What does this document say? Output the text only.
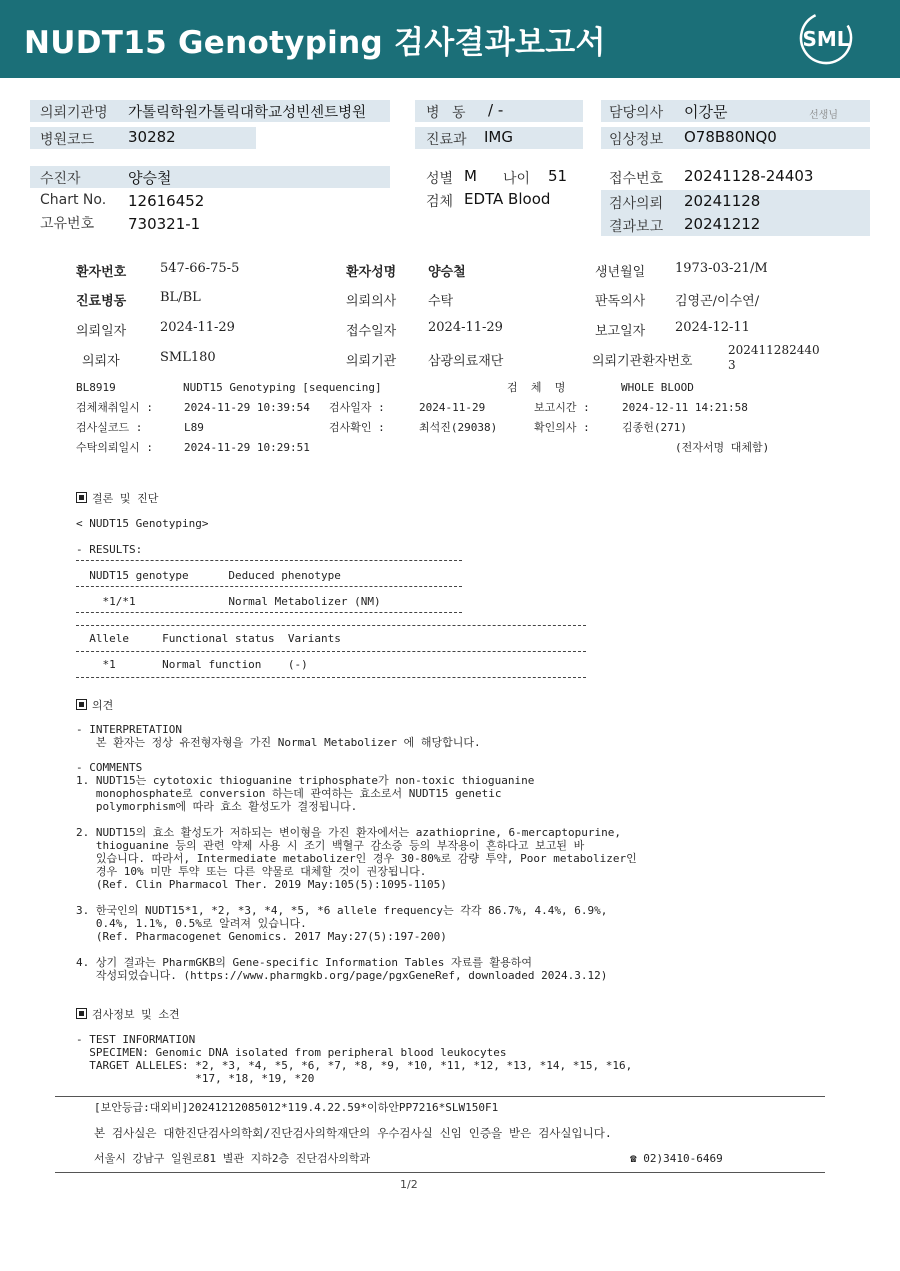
NUDT15 Genotyping 검사결과보고서	SML
의뢰기관명 가톨릭학원가톨릭대학교성빈센트병원
병원코드 30282
병 동 / -
진료과 IMG
담당의사 이강문	선생님
임상정보 O78B80NQ0
수진자	양승철
Chart No. 12616452
고유번호 730321-1
성별 M 나이 51
검체 EDTA Blood
접수번호 20241128-24403
검사의뢰 20241128
결과보고 20241212
환자번호	547-66-75-5	환자성명 양승철	생년월일 1973-03-21/M
진료병동	BL/BL	의뢰의사 수탁	판독의사 김영곤/이수연/
의뢰일자	2024-11-29	접수일자 2024-11-29	보고일자 2024-12-11
의뢰자	SML180	의뢰기관 삼광의료재단	의뢰기관환자번호
202411282440
3
BL8919	NUDT15 Genotyping [sequencing]	검  체  명	WHOLE BLOOD
검체채취일시 :	2024-11-29 10:39:54 검사일자 :	2024-11-29	보고시간 :	2024-12-11 14:21:58
검사실코드 :	L89	검사확인 :	최석진(29038)	확인의사 :	김종헌(271)
수탁의뢰일시 :	2024-11-29 10:29:51	(전자서명 대체함)
결론 및 진단
< NUDT15 Genotyping>
- RESULTS:
NUDT15 genotype      Deduced phenotype
*1/*1              Normal Metabolizer (NM)
Allele     Functional status  Variants
*1       Normal function    (-)
의견
- INTERPRETATION
본 환자는 정상 유전형자형을 가진 Normal Metabolizer 에 해당합니다.
- COMMENTS
1. NUDT15는 cytotoxic thioguanine triphosphate가 non-toxic thioguanine
monophosphate로 conversion 하는데 관여하는 효소로서 NUDT15 genetic
polymorphism에 따라 효소 활성도가 결정됩니다.
2. NUDT15의 효소 활성도가 저하되는 변이형을 가진 환자에서는 azathioprine, 6-mercaptopurine,
thioguanine 등의 관련 약제 사용 시 조기 백혈구 감소증 등의 부작용이 흔하다고 보고된 바
있습니다. 따라서, Intermediate metabolizer인 경우 30-80%로 감량 투약, Poor metabolizer인
경우 10% 미만 투약 또는 다른 약물로 대체할 것이 권장됩니다.
(Ref. Clin Pharmacol Ther. 2019 May:105(5):1095-1105)
3. 한국인의 NUDT15*1, *2, *3, *4, *5, *6 allele frequency는 각각 86.7%, 4.4%, 6.9%,
0.4%, 1.1%, 0.5%로 알려져 있습니다.
(Ref. Pharmacogenet Genomics. 2017 May:27(5):197-200)
4. 상기 결과는 PharmGKB의 Gene-specific Information Tables 자료를 활용하여
작성되었습니다. (https://www.pharmgkb.org/page/pgxGeneRef, downloaded 2024.3.12)
검사정보 및 소견
- TEST INFORMATION
SPECIMEN: Genomic DNA isolated from peripheral blood leukocytes
TARGET ALLELES: *2, *3, *4, *5, *6, *7, *8, *9, *10, *11, *12, *13, *14, *15, *16,
*17, *18, *19, *20
[보안등급:대외비]20241212085012*119.4.22.59*이하안PP7216*SLW150F1
본 검사실은 대한진단검사의학회/진단검사의학재단의 우수검사실 신임 인증을 받은 검사실입니다.
서울시 강남구 일원로81 별관 지하2층 진단검사의학과	☎ 02)3410-6469
1/2
